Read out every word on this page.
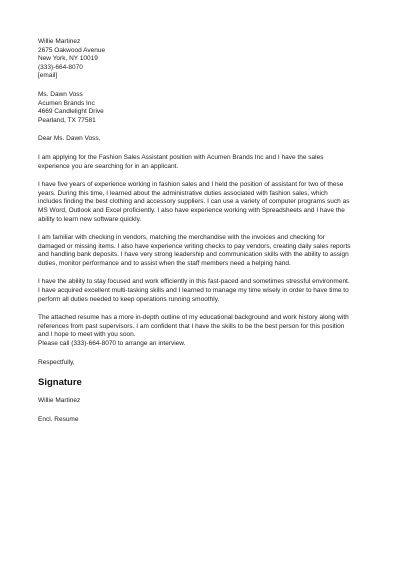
Willie Martinez
2675 Oakwood Avenue
New York, NY 10019
(333)-664-8070
[email]
Ms. Dawn Voss
Acumen Brands Inc
4669 Candlelight Drive
Pearland, TX 77581
Dear Ms. Dawn Voss,
I am applying for the Fashion Sales Assistant position with Acumen Brands Inc and I have the sales
experience you are searching for in an applicant.
I have five years of experience working in fashion sales and I held the position of assistant for two of these
years. During this time, I learned about the administrative duties associated with fashion sales, which
includes finding the best clothing and accessory suppliers. I can use a variety of computer programs such as
MS Word, Outlook and Excel proficiently. I also have experience working with Spreadsheets and I have the
ability to learn new software quickly.
I am familiar with checking in vendors, matching the merchandise with the invoices and checking for
damaged or missing items. I also have experience writing checks to pay vendors, creating daily sales reports
and handling bank deposits. I have very strong leadership and communication skills with the ability to assign
duties, monitor performance and to assist when the staff members need a helping hand.
I have the ability to stay focused and work efficiently in this fast-paced and sometimes stressful environment.
I have acquired excellent multi-tasking skills and I learned to manage my time wisely in order to have time to
perform all duties needed to keep operations running smoothly.
The attached resume has a more in-depth outline of my educational background and work history along with
references from past supervisors. I am confident that I have the skills to be the best person for this position
and I hope to meet with you soon.
Please call (333)-664-8070 to arrange an interview.
Respectfully,
Signature
Willie Martinez
Encl. Resume
